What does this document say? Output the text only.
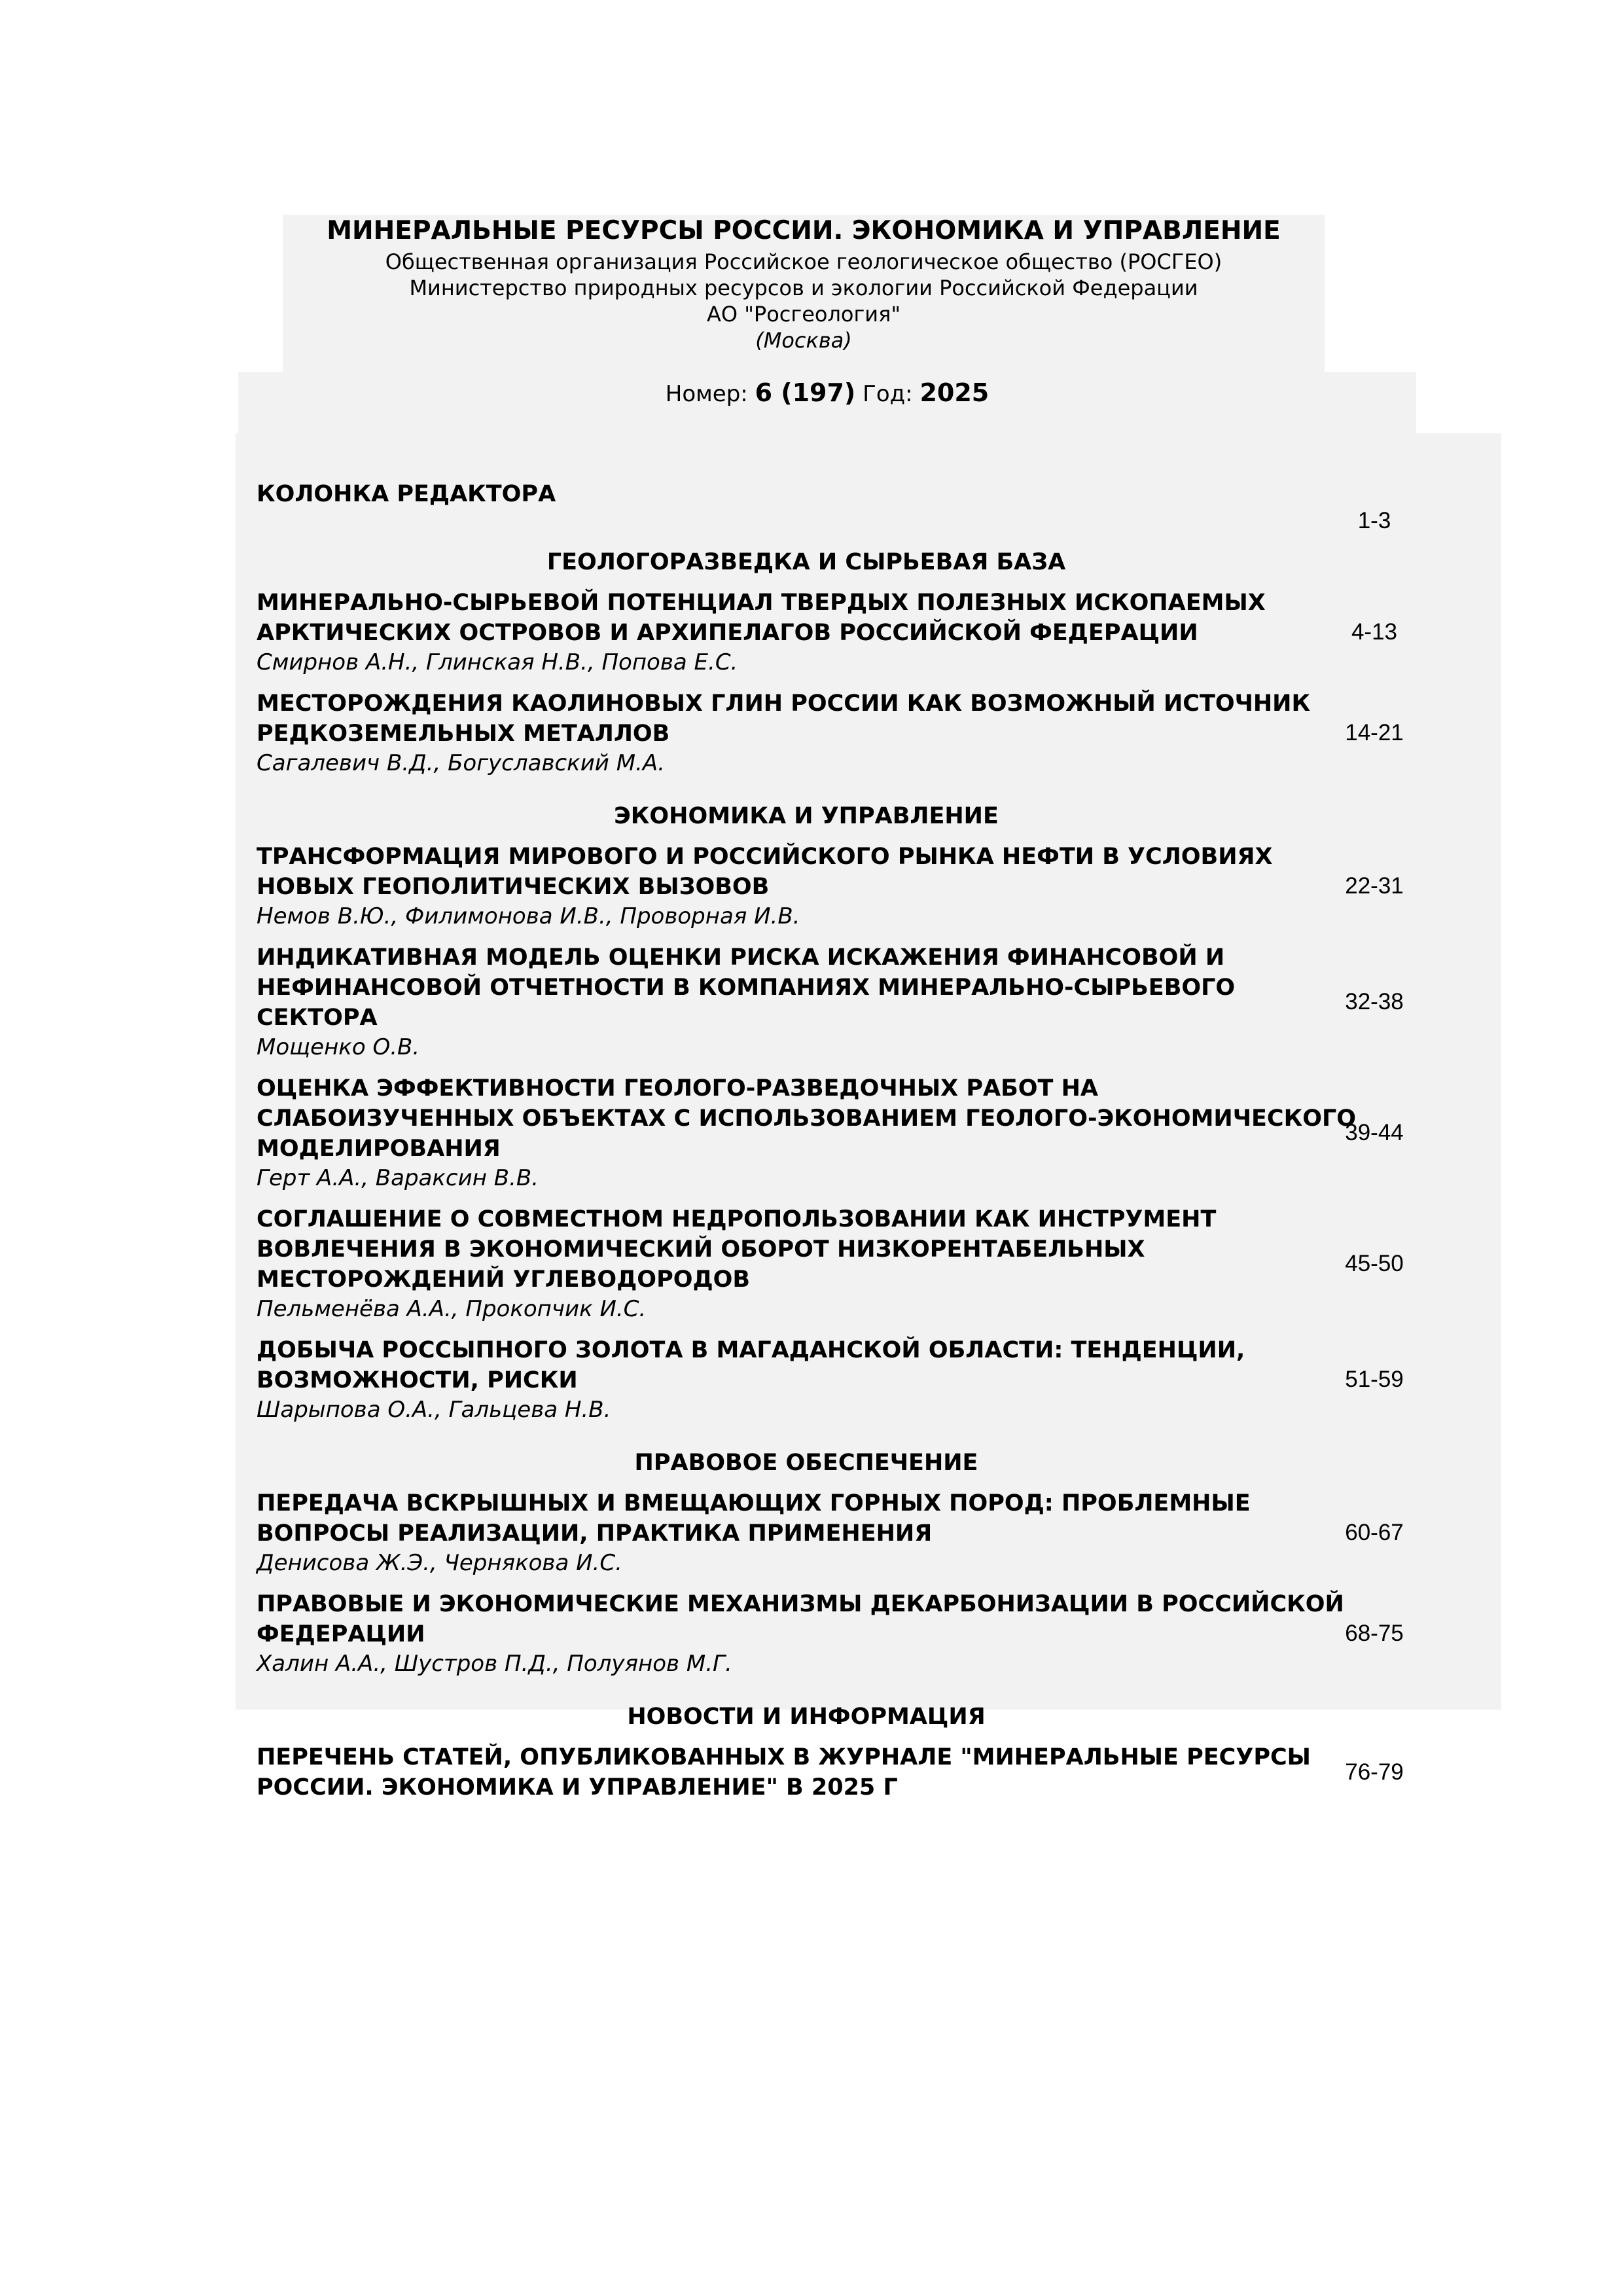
МИНЕРАЛЬНЫЕ РЕСУРСЫ РОССИИ. ЭКОНОМИКА И УПРАВЛЕНИЕ
Общественная организация Российское геологическое общество (РОСГЕО)
Министерство природных ресурсов и экологии Российской Федерации
АО "Росгеология"
(Москва)
Номер: 6 (197) Год: 2025
КОЛОНКА РЕДАКТОРА
1-3
ГЕОЛОГОРАЗВЕДКА И СЫРЬЕВАЯ БАЗА
МИНЕРАЛЬНО-СЫРЬЕВОЙ ПОТЕНЦИАЛ ТВЕРДЫХ ПОЛЕЗНЫХ ИСКОПАЕМЫХ АРКТИЧЕСКИХ ОСТРОВОВ И АРХИПЕЛАГОВ РОССИЙСКОЙ ФЕДЕРАЦИИ
Смирнов А.Н., Глинская Н.В., Попова Е.С.
4-13
МЕСТОРОЖДЕНИЯ КАОЛИНОВЫХ ГЛИН РОССИИ КАК ВОЗМОЖНЫЙ ИСТОЧНИК РЕДКОЗЕМЕЛЬНЫХ МЕТАЛЛОВ
Сагалевич В.Д., Богуславский М.А.
14-21
ЭКОНОМИКА И УПРАВЛЕНИЕ
ТРАНСФОРМАЦИЯ МИРОВОГО И РОССИЙСКОГО РЫНКА НЕФТИ В УСЛОВИЯХ НОВЫХ ГЕОПОЛИТИЧЕСКИХ ВЫЗОВОВ
Немов В.Ю., Филимонова И.В., Проворная И.В.
22-31
ИНДИКАТИВНАЯ МОДЕЛЬ ОЦЕНКИ РИСКА ИСКАЖЕНИЯ ФИНАНСОВОЙ И НЕФИНАНСОВОЙ ОТЧЕТНОСТИ В КОМПАНИЯХ МИНЕРАЛЬНО-СЫРЬЕВОГО СЕКТОРА
Мощенко О.В.
32-38
ОЦЕНКА ЭФФЕКТИВНОСТИ ГЕОЛОГО-РАЗВЕДОЧНЫХ РАБОТ НА СЛАБОИЗУЧЕННЫХ ОБЪЕКТАХ С ИСПОЛЬЗОВАНИЕМ ГЕОЛОГО-ЭКОНОМИЧЕСКОГО МОДЕЛИРОВАНИЯ
Герт А.А., Вараксин В.В.
39-44
СОГЛАШЕНИЕ О СОВМЕСТНОМ НЕДРОПОЛЬЗОВАНИИ КАК ИНСТРУМЕНТ ВОВЛЕЧЕНИЯ В ЭКОНОМИЧЕСКИЙ ОБОРОТ НИЗКОРЕНТАБЕЛЬНЫХ МЕСТОРОЖДЕНИЙ УГЛЕВОДОРОДОВ
Пельменёва А.А., Прокопчик И.С.
45-50
ДОБЫЧА РОССЫПНОГО ЗОЛОТА В МАГАДАНСКОЙ ОБЛАСТИ: ТЕНДЕНЦИИ, ВОЗМОЖНОСТИ, РИСКИ
Шарыпова О.А., Гальцева Н.В.
51-59
ПРАВОВОЕ ОБЕСПЕЧЕНИЕ
ПЕРЕДАЧА ВСКРЫШНЫХ И ВМЕЩАЮЩИХ ГОРНЫХ ПОРОД: ПРОБЛЕМНЫЕ ВОПРОСЫ РЕАЛИЗАЦИИ, ПРАКТИКА ПРИМЕНЕНИЯ
Денисова Ж.Э., Чернякова И.С.
60-67
ПРАВОВЫЕ И ЭКОНОМИЧЕСКИЕ МЕХАНИЗМЫ ДЕКАРБОНИЗАЦИИ В РОССИЙСКОЙ ФЕДЕРАЦИИ
Халин А.А., Шустров П.Д., Полуянов М.Г.
68-75
НОВОСТИ И ИНФОРМАЦИЯ
ПЕРЕЧЕНЬ СТАТЕЙ, ОПУБЛИКОВАННЫХ В ЖУРНАЛЕ "МИНЕРАЛЬНЫЕ РЕСУРСЫ РОССИИ. ЭКОНОМИКА И УПРАВЛЕНИЕ" В 2025 Г
76-79
